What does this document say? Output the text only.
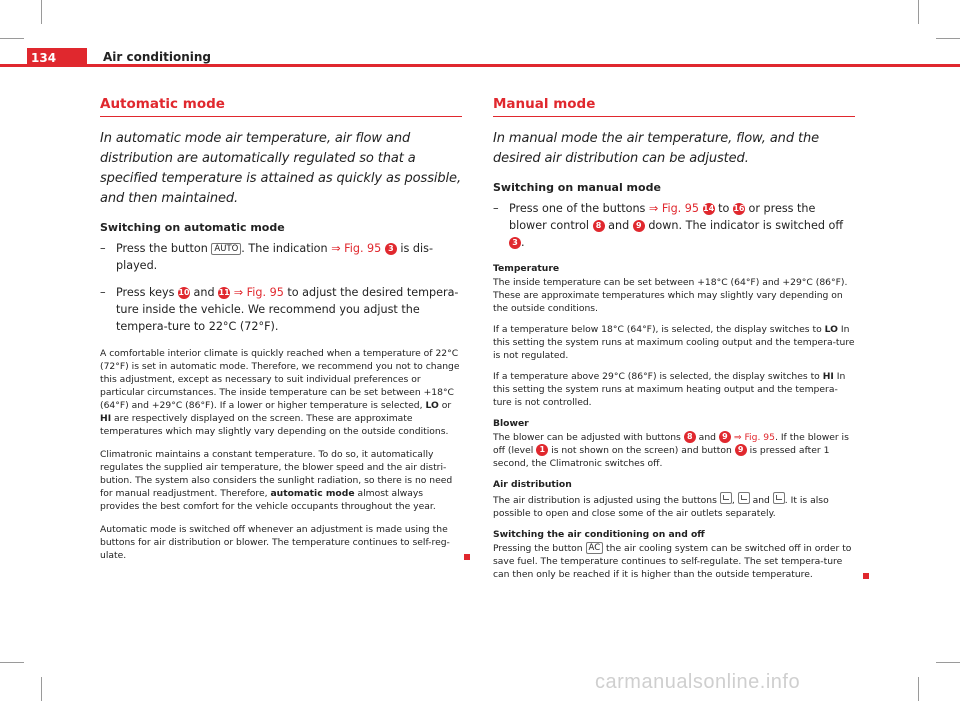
134	Air conditioning
Automatic mode
In automatic mode air temperature, air flow and distribution are automatically regulated so that a specified temperature is attained as quickly as possible, and then maintained.
Switching on automatic mode
– Press the button AUTO . The indication ⇒ Fig. 95 3 is dis-played.
– Press keys 10 and 11 ⇒ Fig. 95 to adjust the desired tempera-ture inside the vehicle. We recommend you adjust the tempera-ture to 22°C (72°F).
A comfortable interior climate is quickly reached when a temperature of 22°C (72°F) is set in automatic mode. Therefore, we recommend you not to change this adjustment, except as necessary to suit individual preferences or particular circumstances. The inside temperature can be set between +18°C (64°F) and +29°C (86°F). If a lower or higher temperature is selected, LO or HI are respectively displayed on the screen. These are approximate temperatures which may slightly vary depending on the outside conditions.
Climatronic maintains a constant temperature. To do so, it automatically regulates the supplied air temperature, the blower speed and the air distri-bution. The system also considers the sunlight radiation, so there is no need for manual readjustment. Therefore, automatic mode almost always provides the best comfort for the vehicle occupants throughout the year.
Automatic mode is switched off whenever an adjustment is made using the buttons for air distribution or blower. The temperature continues to self-reg-ulate.
Manual mode
In manual mode the air temperature, flow, and the desired air distribution can be adjusted.
Switching on manual mode
– Press one of the buttons ⇒ Fig. 95 14 to 16 or press the blower control 8 and 9 down. The indicator is switched off 3 .
Temperature
The inside temperature can be set between +18°C (64°F) and +29°C (86°F). These are approximate temperatures which may slightly vary depending on the outside conditions.
If a temperature below 18°C (64°F), is selected, the display switches to LO In this setting the system runs at maximum cooling output and the tempera-ture is not regulated.
If a temperature above 29°C (86°F) is selected, the display switches to HI In this setting the system runs at maximum heating output and the tempera-ture is not controlled.
Blower
The blower can be adjusted with buttons 8 and 9 ⇒ Fig. 95. If the blower is off (level 1 is not shown on the screen) and button 9 is pressed after 1 second, the Climatronic switches off.
Air distribution
The air distribution is adjusted using the buttons ,  and . It is also possible to open and close some of the air outlets separately.
Switching the air conditioning on and off
Pressing the button AC the air cooling system can be switched off in order to save fuel. The temperature continues to self-regulate. The set tempera-ture can then only be reached if it is higher than the outside temperature.
carmanualsonline.info
